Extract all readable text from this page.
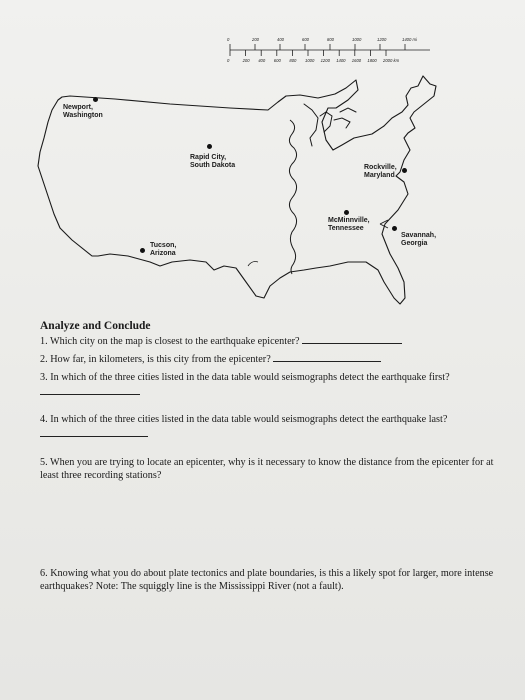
0	200	400	600	800	1000	1200	1400 mi
0	200 400 600 800 1000 1200 1400 1600 1800 2000 km
Newport,
Washington
Rapid City,
South Dakota	Rockville,
Maryland
McMinnville,
Tennessee
Tucson,
Arizona
Savannah,
Georgia
Analyze and Conclude
1. Which city on the map is closest to the earthquake epicenter?
2. How far, in kilometers, is this city from the epicenter?
3. In which of the three cities listed in the data table would seismographs detect the earthquake first?
4. In which of the three cities listed in the data table would seismographs detect the earthquake last?
5. When you are trying to locate an epicenter, why is it necessary to know the distance from the epicenter for at least three recording stations?
6. Knowing what you do about plate tectonics and plate boundaries, is this a likely spot for larger, more intense earthquakes? Note: The squiggly line is the Mississippi River (not a fault).
